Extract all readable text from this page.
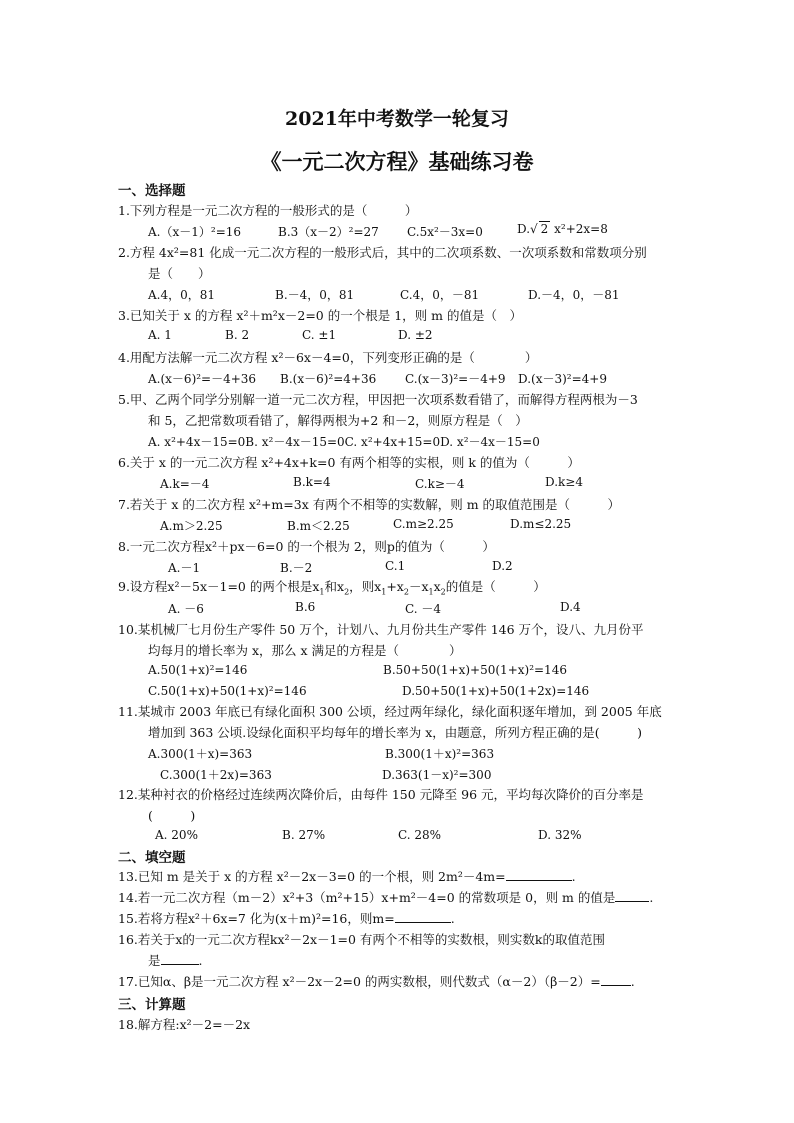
2021年中考数学一轮复习
《一元二次方程》基础练习卷
一、选择题
1.下列方程是一元二次方程的一般形式的是（　　　）
A.（x－1）²=16	B.3（x－2）²=27 C.5x²－3x=0	D.√ 2 x²+2x=8
2.方程 4x²=81 化成一元二次方程的一般形式后，其中的二次项系数、一次项系数和常数项分别
是（　　）
A.4，0，81	B.－4，0，81	C.4，0，－81	D.－4，0，－81
3.已知关于 x 的方程 x²＋m²x－2=0 的一个根是 1，则 m 的值是（　）
A. 1	B. 2	C. ±1	D. ±2
4.用配方法解一元二次方程 x²－6x－4=0，下列变形正确的是（　　　　）
A.(x－6)²=－4+36 B.(x－6)²=4+36 C.(x－3)²=－4+9 D.(x－3)²=4+9
5.甲、乙两个同学分别解一道一元二次方程，甲因把一次项系数看错了，而解得方程两根为－3
和 5，乙把常数项看错了，解得两根为+2 和－2，则原方程是（　）
A. x²+4x－15=0B. x²－4x－15=0C. x²+4x+15=0D. x²－4x－15=0
6.关于 x 的一元二次方程 x²+4x+k=0 有两个相等的实根，则 k 的值为（　　　）
A.k=－4	B.k=4	C.k≥－4	D.k≥4
7.若关于 x 的二次方程 x²+m=3x 有两个不相等的实数解，则 m 的取值范围是（　　　）
A.m＞2.25	B.m＜2.25	C.m≥2.25	D.m≤2.25
8.一元二次方程x²＋px－6=0 的一个根为 2，则p的值为（　　　）
A.－1	B.－2	C.1	D.2
9.设方程x²－5x－1=0 的两个根是$x_1$和$x_2$，则$x_1+x_2-x_1x_2$的值是（　　　）
A. －6	B.6	C. －4	D.4
10.某机械厂七月份生产零件 50 万个，计划八、九月份共生产零件 146 万个，设八、九月份平
均每月的增长率为 x，那么 x 满足的方程是（　　　　）
A.50(1+x)²=146	B.50+50(1+x)+50(1+x)²=146
C.50(1+x)+50(1+x)²=146	D.50+50(1+x)+50(1+2x)=146
11.某城市 2003 年底已有绿化面积 300 公顷，经过两年绿化，绿化面积逐年增加，到 2005 年底
增加到 363 公顷.设绿化面积平均每年的增长率为 x，由题意，所列方程正确的是(　　　)
A.300(1＋x)=363	B.300(1＋x)²=363
C.300(1＋2x)=363	D.363(1－x)²=300
12.某种衬衣的价格经过连续两次降价后，由每件 150 元降至 96 元，平均每次降价的百分率是
(　　　)
A. 20%	B. 27%	C. 28%	D. 32%
二、填空题
13.已知 m 是关于 x 的方程 x²－2x－3=0 的一个根，则 2m²－4m=	.
14.若一元二次方程（m－2）x²+3（m²+15）x+m²－4=0 的常数项是 0，则 m 的值是	.
15.若将方程x²＋6x=7 化为(x＋m)²=16，则m=	.
16.若关于x的一元二次方程kx²－2x－1=0 有两个不相等的实数根，则实数k的取值范围
是	.
17.已知α、β是一元二次方程 x²－2x－2=0 的两实数根，则代数式（α－2）（β－2）= .
三、计算题
18.解方程:x²－2=－2x
